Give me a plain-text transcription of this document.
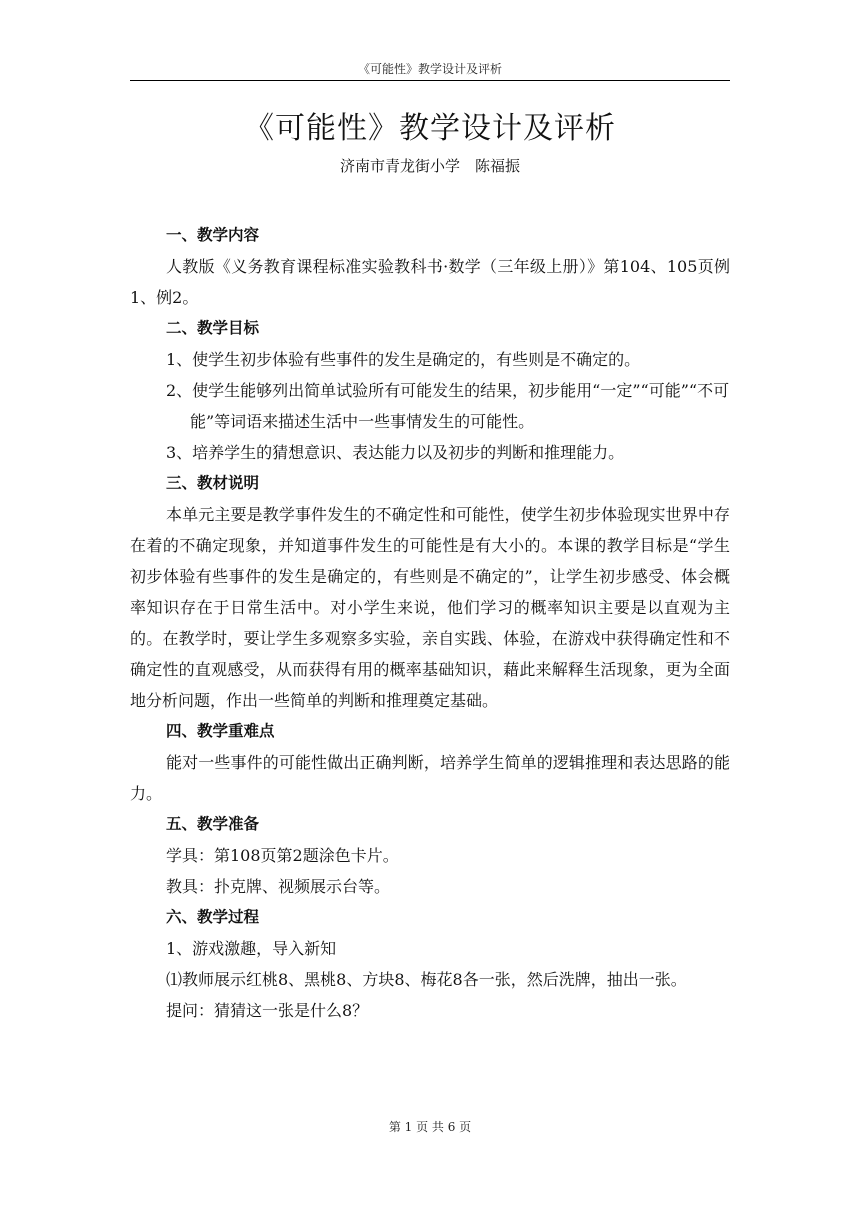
《可能性》教学设计及评析
《可能性》教学设计及评析
济南市青龙街小学　陈福振

一、教学内容

人教版《义务教育课程标准实验教科书·数学（三年级上册）》第104、105页例1、例2。

二、教学目标

1、使学生初步体验有些事件的发生是确定的，有些则是不确定的。

2、使学生能够列出简单试验所有可能发生的结果，初步能用“一定”“可能”“不可能”等词语来描述生活中一些事情发生的可能性。

3、培养学生的猜想意识、表达能力以及初步的判断和推理能力。

三、教材说明

本单元主要是教学事件发生的不确定性和可能性，使学生初步体验现实世界中存在着的不确定现象，并知道事件发生的可能性是有大小的。本课的教学目标是“学生初步体验有些事件的发生是确定的，有些则是不确定的”，让学生初步感受、体会概率知识存在于日常生活中。对小学生来说，他们学习的概率知识主要是以直观为主的。在教学时，要让学生多观察多实验，亲自实践、体验，在游戏中获得确定性和不确定性的直观感受，从而获得有用的概率基础知识，藉此来解释生活现象，更为全面地分析问题，作出一些简单的判断和推理奠定基础。

四、教学重难点

能对一些事件的可能性做出正确判断，培养学生简单的逻辑推理和表达思路的能力。

五、教学准备

学具：第108页第2题涂色卡片。

教具：扑克牌、视频展示台等。

六、教学过程

1、游戏激趣，导入新知

⑴教师展示红桃8、黑桃8、方块8、梅花8各一张，然后洗牌，抽出一张。

提问：猜猜这一张是什么8？

第 1 页 共 6 页
